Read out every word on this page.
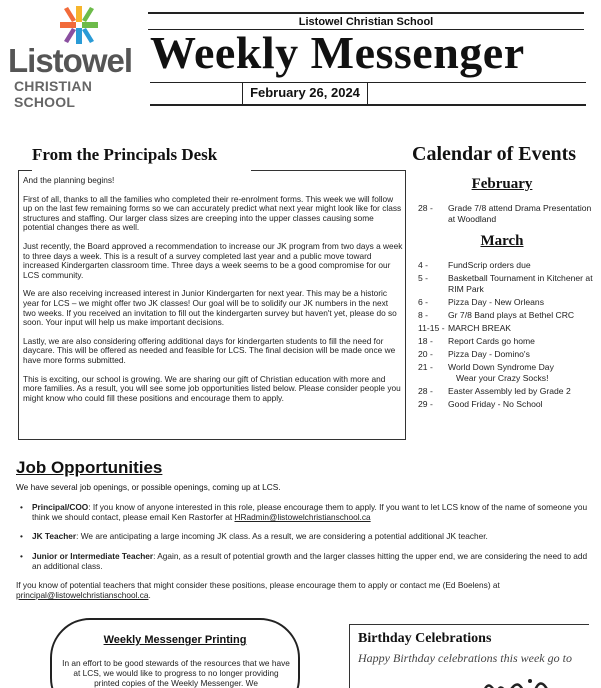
Listowel
CHRISTIAN SCHOOL
Listowel Christian School
Weekly Messenger
February 26, 2024
From the Principals Desk

And the planning begins!

First of all, thanks to all the families who completed their re-enrolment forms. This week we will follow up on the last few remaining forms so we can accurately predict what next year might look like for class structures and staffing. Our larger class sizes are creeping into the upper classes causing some potential changes there as well.

Just recently, the Board approved a recommendation to increase our JK program from two days a week to three days a week. This is a result of a survey completed last year and a public move toward increased Kindergarten classroom time. Three days a week seems to be a good compromise for our LCS community.

We are also receiving increased interest in Junior Kindergarten for next year. This may be a historic year for LCS – we might offer two JK classes! Our goal will be to solidify our JK numbers in the next two weeks. If you received an invitation to fill out the kindergarten survey but haven't yet, please do so soon. Your input will help us make important decisions.

Lastly, we are also considering offering additional days for kindergarten students to fill the need for daycare. This will be offered as needed and feasible for LCS. The final decision will be made once we have more forms submitted.

This is exciting, our school is growing. We are sharing our gift of Christian education with more and more families. As a result, you will see some job opportunities listed below. Please consider people you might know who could fill these positions and encourage them to apply.

Calendar of Events
February
28 -	Grade 7/8 attend Drama Presentation at Woodland
March
4 -	FundScrip orders due
5 -	Basketball Tournament in Kitchener at RIM Park
6 -	Pizza Day - New Orleans
8 -	Gr 7/8 Band plays at Bethel CRC
11-15 - MARCH BREAK
18 -	Report Cards go home
20 -	Pizza Day - Domino's
21 -	World Down Syndrome Day
Wear your Crazy Socks!
28 -	Easter Assembly led by Grade 2
29 -	Good Friday - No School
Job Opportunities
We have several job openings, or possible openings, coming up at LCS.
• Principal/COO: If you know of anyone interested in this role, please encourage them to apply. If you want to let LCS know of the name of someone you think we should contact, please email Ken Rastorfer at HRadmin@listowelchristianschool.ca
• JK Teacher: We are anticipating a large incoming JK class. As a result, we are considering a potential additional JK teacher.
• Junior or Intermediate Teacher: Again, as a result of potential growth and the larger classes hitting the upper end, we are considering the need to add an additional class.
If you know of potential teachers that might consider these positions, please encourage them to apply or contact me (Ed Boelens) at
principal@listowelchristianschool.ca.
Weekly Messenger Printing
In an effort to be good stewards of the resources that we have at LCS, we would like to progress to no longer providing printed copies of the Weekly Messenger. We
Birthday Celebrations
Happy Birthday celebrations this week go to
